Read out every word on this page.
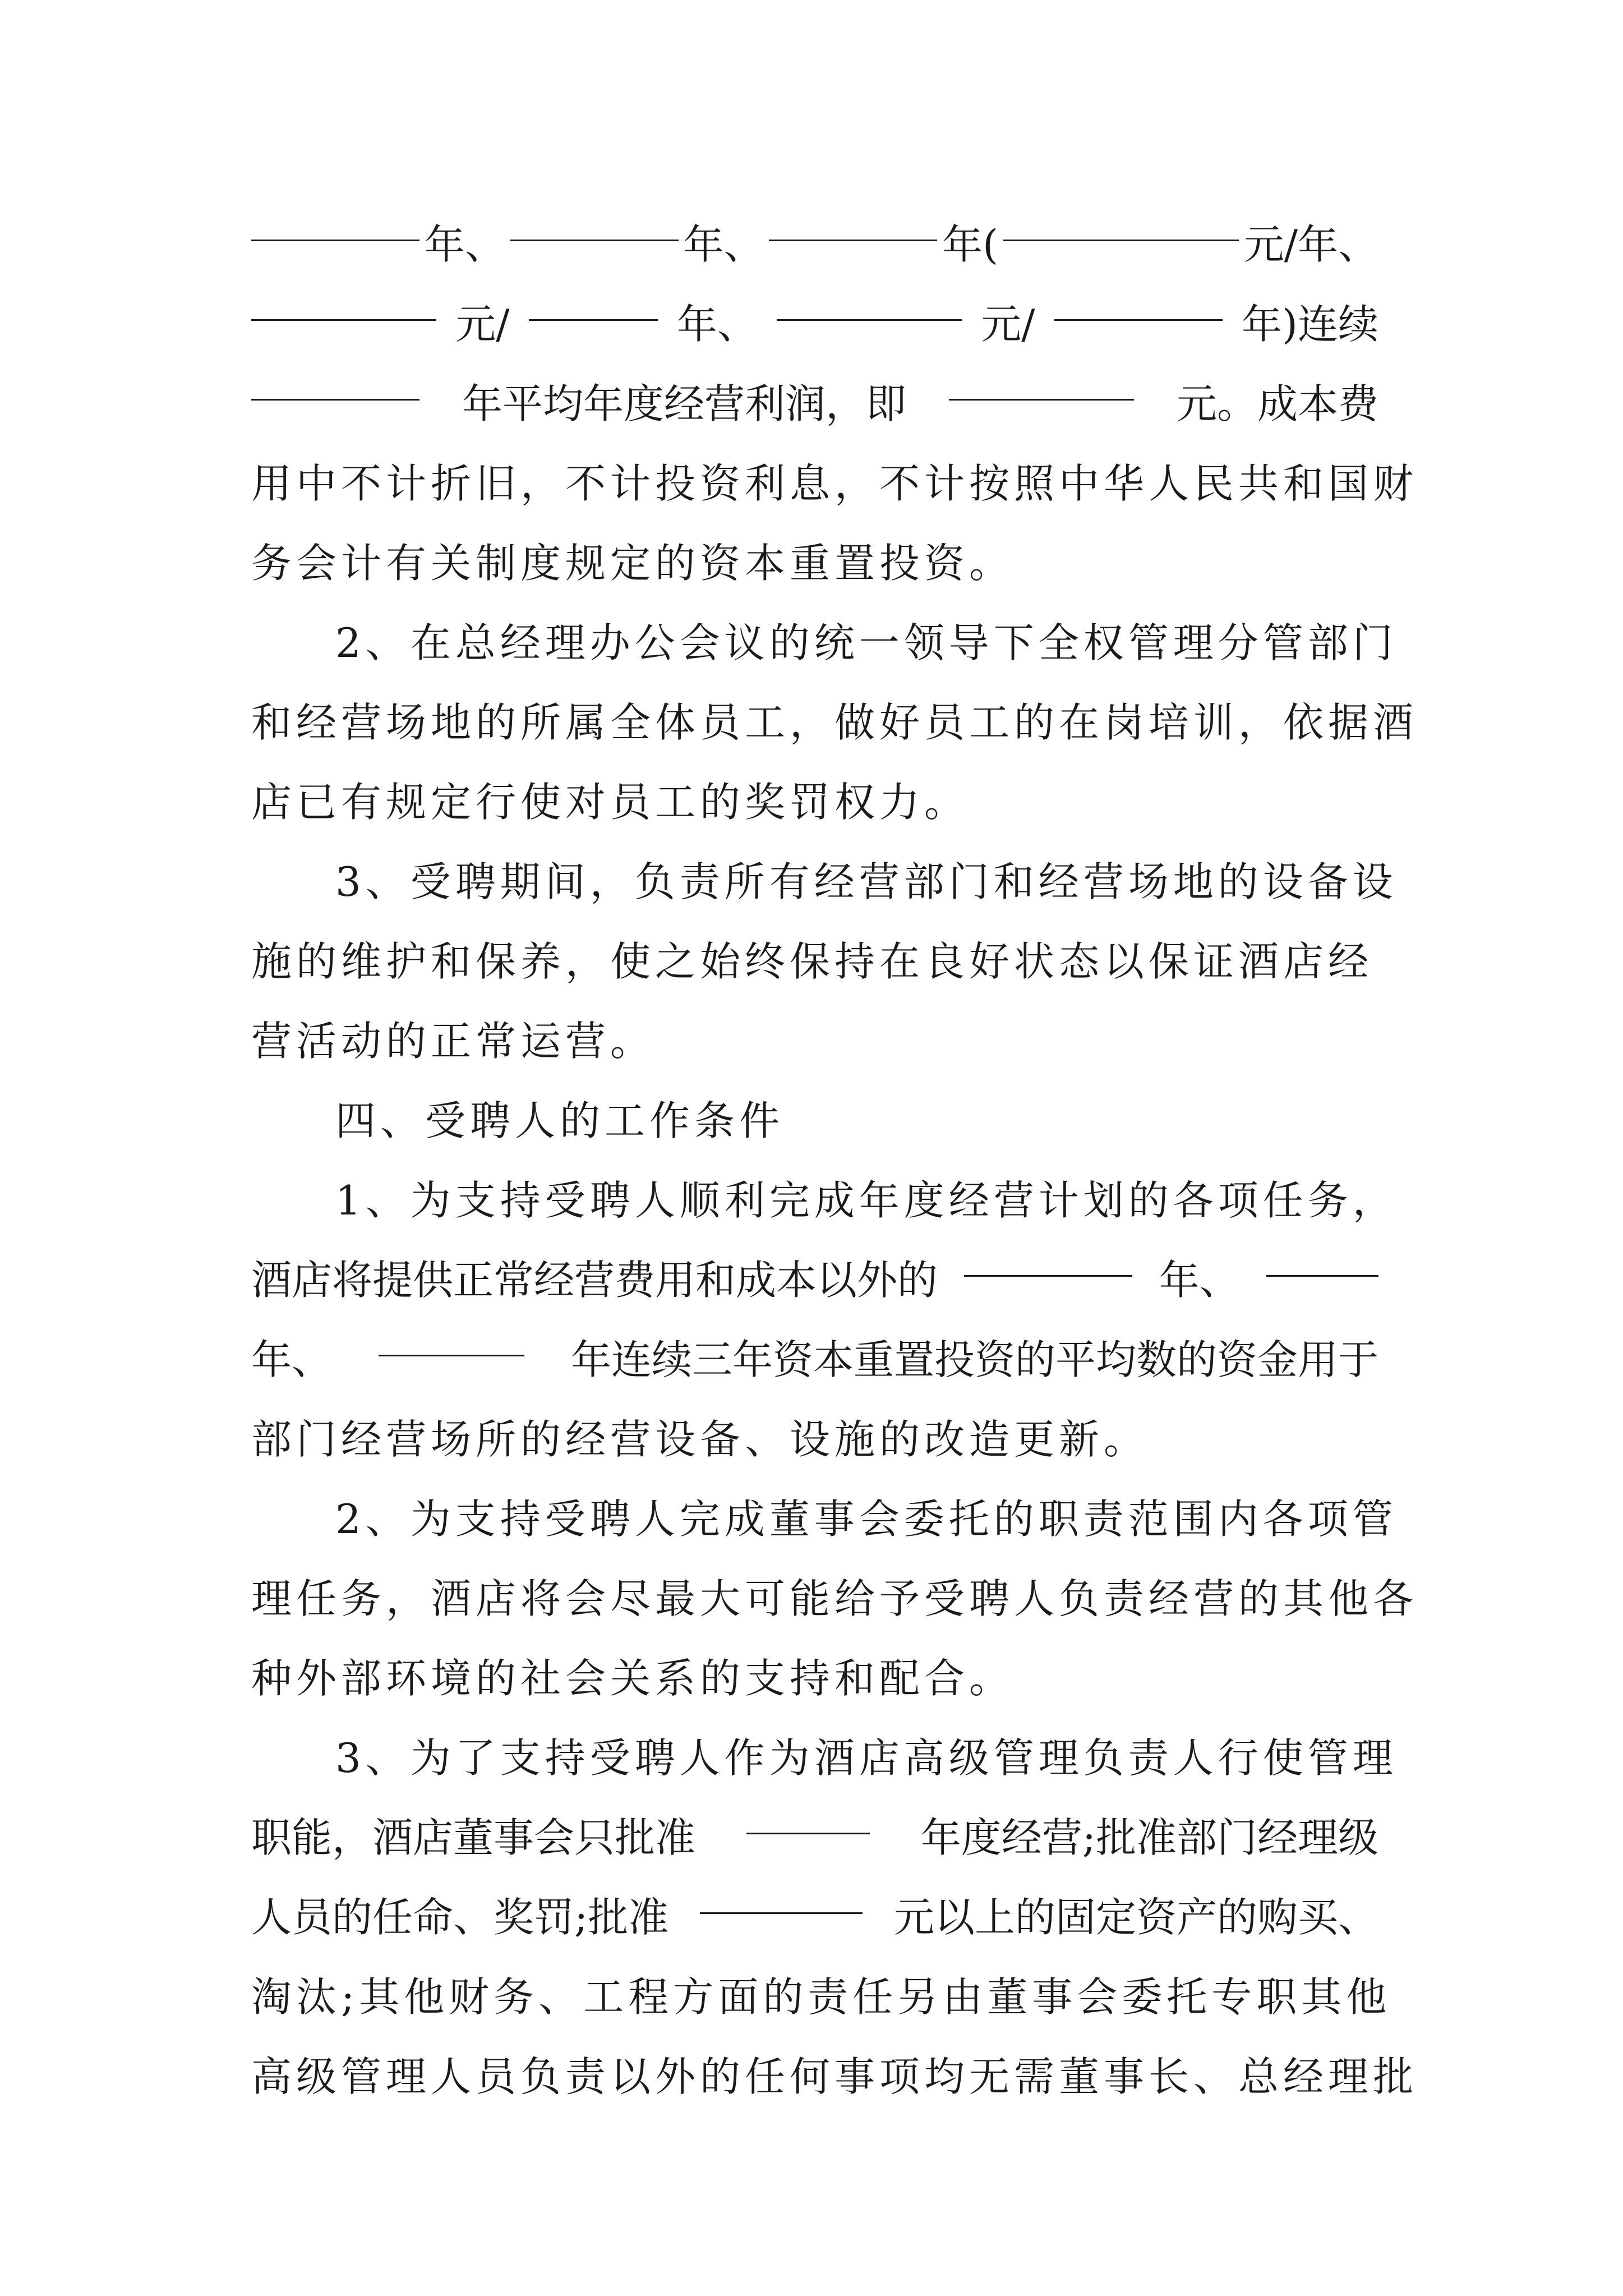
年、	年、	年(	元/年、
元/	年、	元/	年)连续
年平均年度经营利润，即	元。成本费
用中不计折旧，不计投资利息，不计按照中华人民共和国财
务会计有关制度规定的资本重置投资。
2、在总经理办公会议的统一领导下全权管理分管部门
和经营场地的所属全体员工，做好员工的在岗培训，依据酒
店已有规定行使对员工的奖罚权力。
3、受聘期间，负责所有经营部门和经营场地的设备设
施的维护和保养，使之始终保持在良好状态以保证酒店经
营活动的正常运营。
四、受聘人的工作条件
1、为支持受聘人顺利完成年度经营计划的各项任务，
酒店将提供正常经营费用和成本以外的	年、
年、	年连续三年资本重置投资的平均数的资金用于
部门经营场所的经营设备、设施的改造更新。
2、为支持受聘人完成董事会委托的职责范围内各项管
理任务，酒店将会尽最大可能给予受聘人负责经营的其他各
种外部环境的社会关系的支持和配合。
3、为了支持受聘人作为酒店高级管理负责人行使管理
职能，酒店董事会只批准	年度经营;批准部门经理级
人员的任命、奖罚;批准	元以上的固定资产的购买、
淘汰;其他财务、工程方面的责任另由董事会委托专职其他
高级管理人员负责以外的任何事项均无需董事长、总经理批
